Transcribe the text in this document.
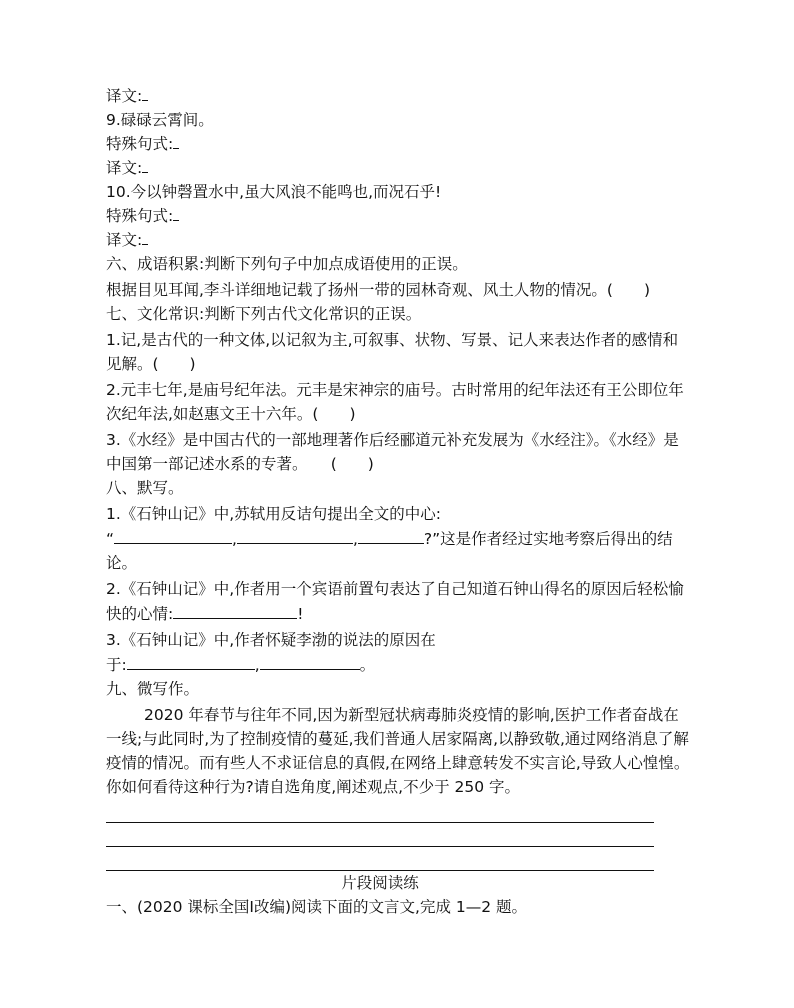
译文:
9.碌碌云霄间。
特殊句式:
译文:
10.今以钟磬置水中,虽大风浪不能鸣也,而况石乎!
特殊句式:
译文:
六、成语积累:判断下列句子中加点成语使用的正误。
根据目见耳闻,李斗详细地记载了扬州一带的园林奇观、风土人物的情况。(　　)
七、文化常识:判断下列古代文化常识的正误。
1.记,是古代的一种文体,以记叙为主,可叙事、状物、写景、记人来表达作者的感情和见解。(　　)
2.元丰七年,是庙号纪年法。元丰是宋神宗的庙号。古时常用的纪年法还有王公即位年次纪年法,如赵惠文王十六年。(　　)
3.《水经》是中国古代的一部地理著作后经郦道元补充发展为《水经注》。《水经》是中国第一部记述水系的专著。　　(　　)
八、默写。
1.《石钟山记》中,苏轼用反诘句提出全文的中心:
“	,	,	?”这是作者经过实地考察后得出的结论。
2.《石钟山记》中,作者用一个宾语前置句表达了自己知道石钟山得名的原因后轻松愉快的心情:	!
3.《石钟山记》中,作者怀疑李渤的说法的原因在
于:	,	。
九、微写作。
2020 年春节与往年不同,因为新型冠状病毒肺炎疫情的影响,医护工作者奋战在一线;与此同时,为了控制疫情的蔓延,我们普通人居家隔离,以静致敬,通过网络消息了解疫情的情况。而有些人不求证信息的真假,在网络上肆意转发不实言论,导致人心惶惶。你如何看待这种行为?请自选角度,阐述观点,不少于 250 字。
片段阅读练
一、(2020 课标全国Ⅰ改编)阅读下面的文言文,完成 1—2 题。
